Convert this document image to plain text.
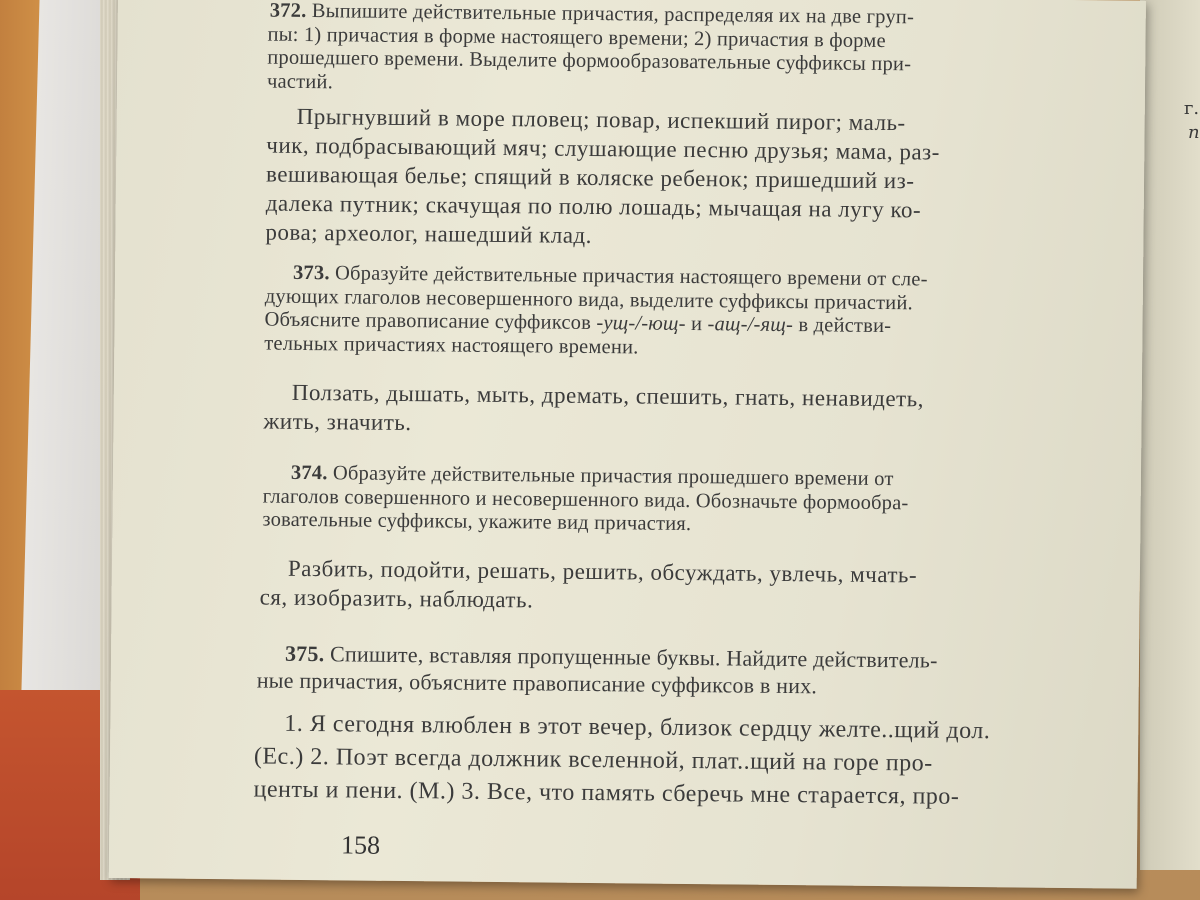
г.
п
372. Выпишите действительные причастия, распределяя их на две груп-
пы: 1) причастия в форме настоящего времени; 2) причастия в форме
прошедшего времени. Выделите формообразовательные суффиксы при-
частий.
Прыгнувший в море пловец; повар, испекший пирог; маль-
чик, подбрасывающий мяч; слушающие песню друзья; мама, раз-
вешивающая белье; спящий в коляске ребенок; пришедший из-
далека путник; скачущая по полю лошадь; мычащая на лугу ко-
рова; археолог, нашедший клад.
373. Образуйте действительные причастия настоящего времени от сле-
дующих глаголов несовершенного вида, выделите суффиксы причастий.
Объясните правописание суффиксов -ущ-/-ющ- и -ащ-/-ящ- в действи-
тельных причастиях настоящего времени.
Ползать, дышать, мыть, дремать, спешить, гнать, ненавидеть,
жить, значить.
374. Образуйте действительные причастия прошедшего времени от
глаголов совершенного и несовершенного вида. Обозначьте формообра-
зовательные суффиксы, укажите вид причастия.
Разбить, подойти, решать, решить, обсуждать, увлечь, мчать-
ся, изобразить, наблюдать.
375. Спишите, вставляя пропущенные буквы. Найдите действитель-
ные причастия, объясните правописание суффиксов в них.
1. Я сегодня влюблен в этот вечер, близок сердцу желте..щий дол.
(Ес.) 2. Поэт всегда должник вселенной, плат..щий на горе про-
центы и пени. (М.) 3. Все, что память сберечь мне старается, про-
158
